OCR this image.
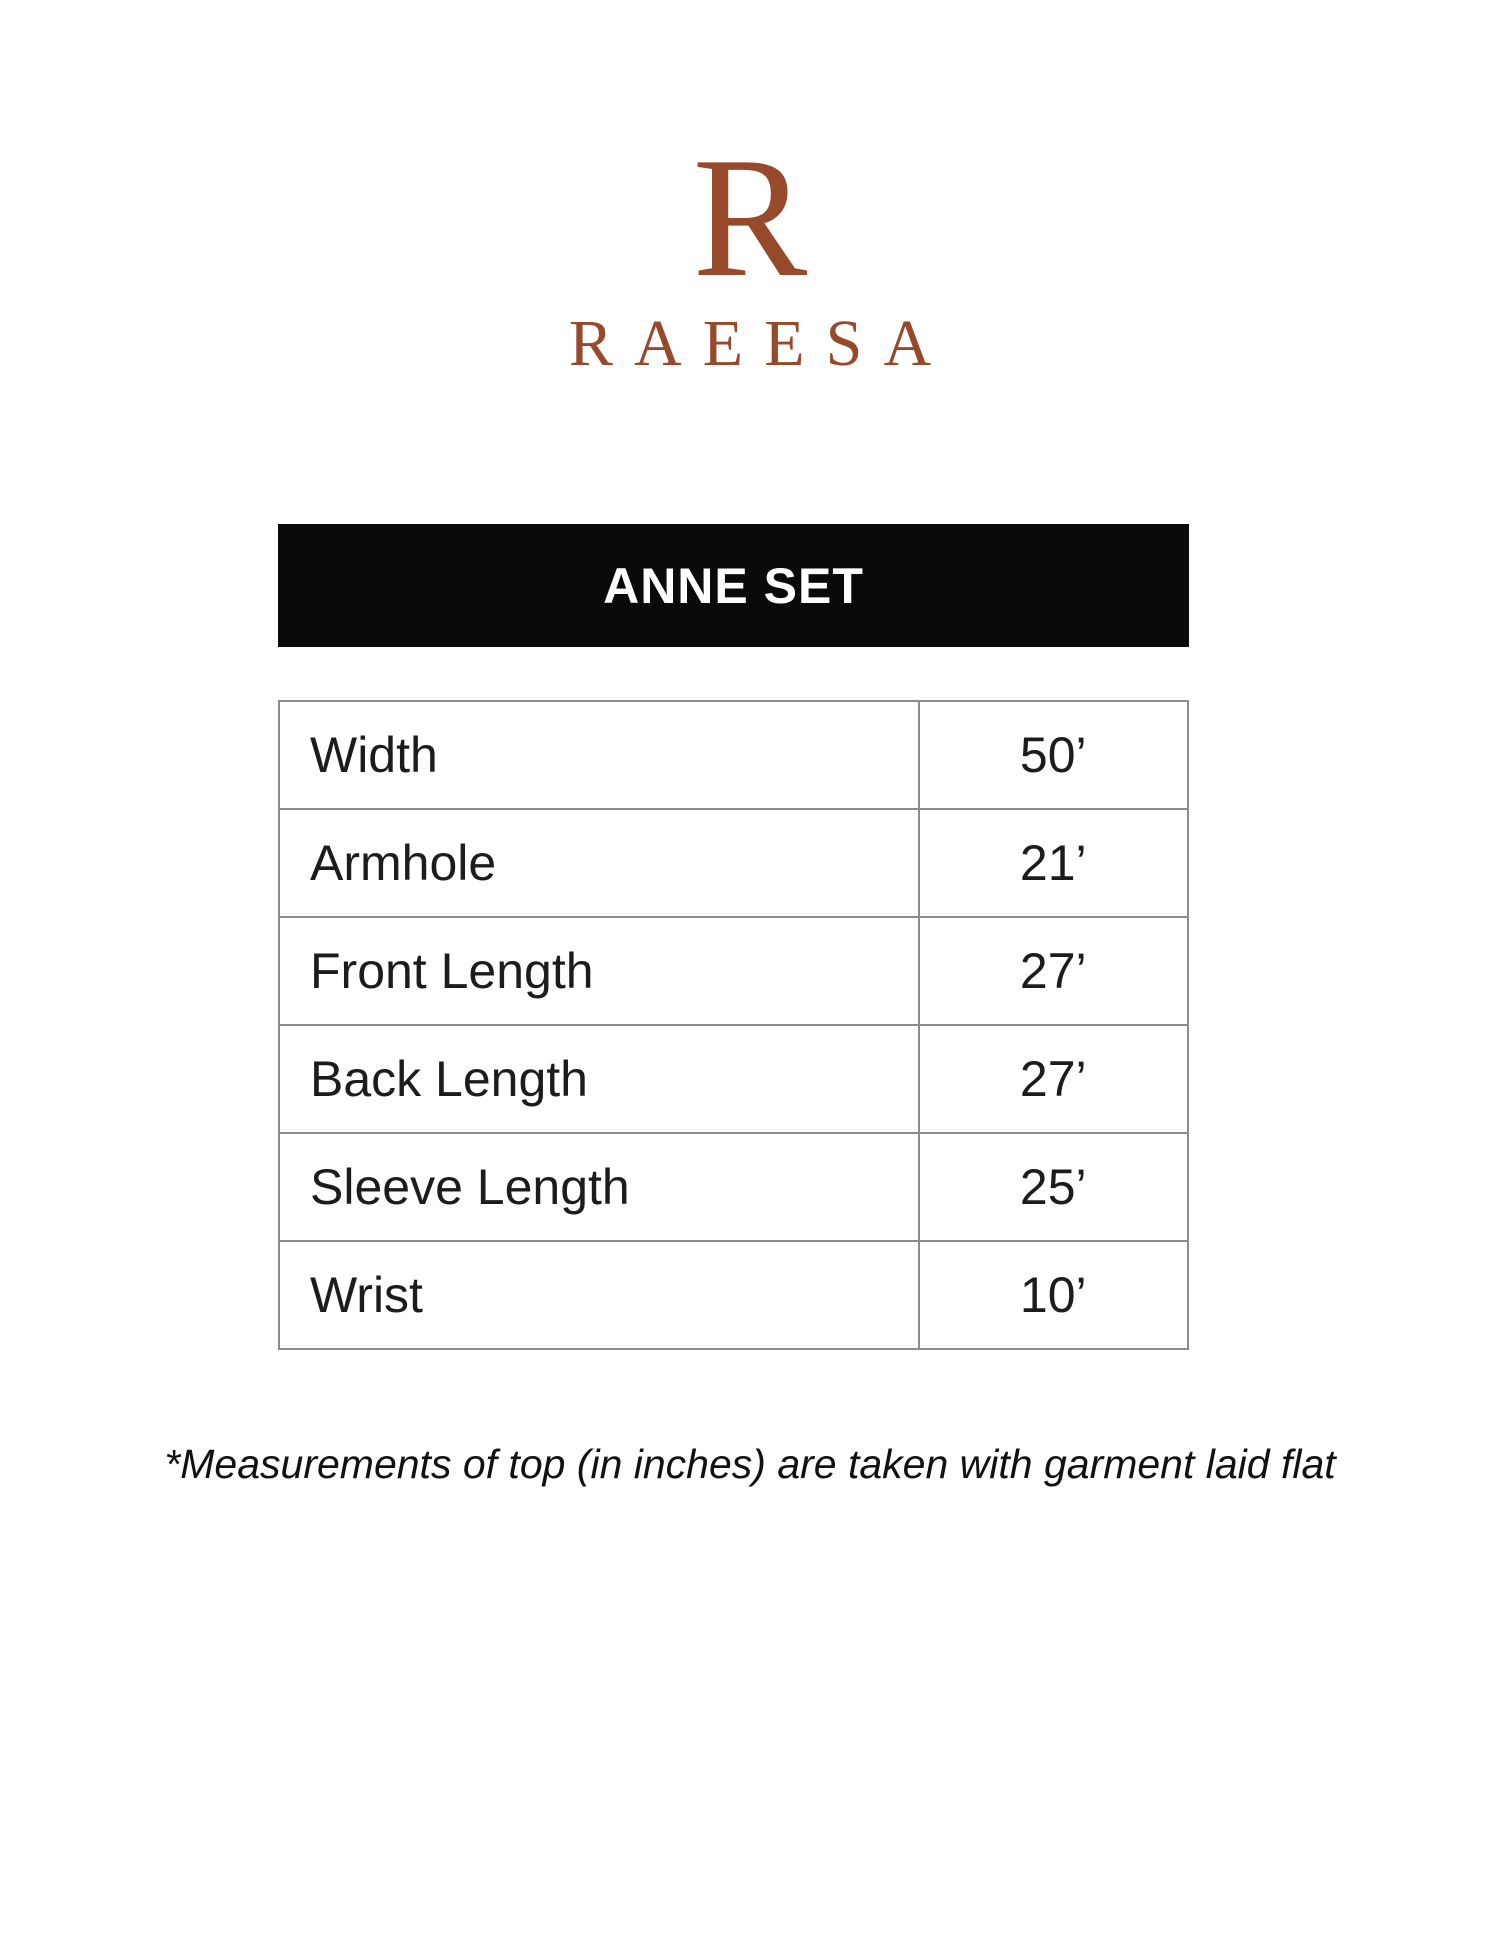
R
RAEESA
ANNE SET
Width	50’
Armhole	21’
Front Length	27’
Back Length	27’
Sleeve Length	25’
Wrist	10’
*Measurements of top (in inches) are taken with garment laid flat
